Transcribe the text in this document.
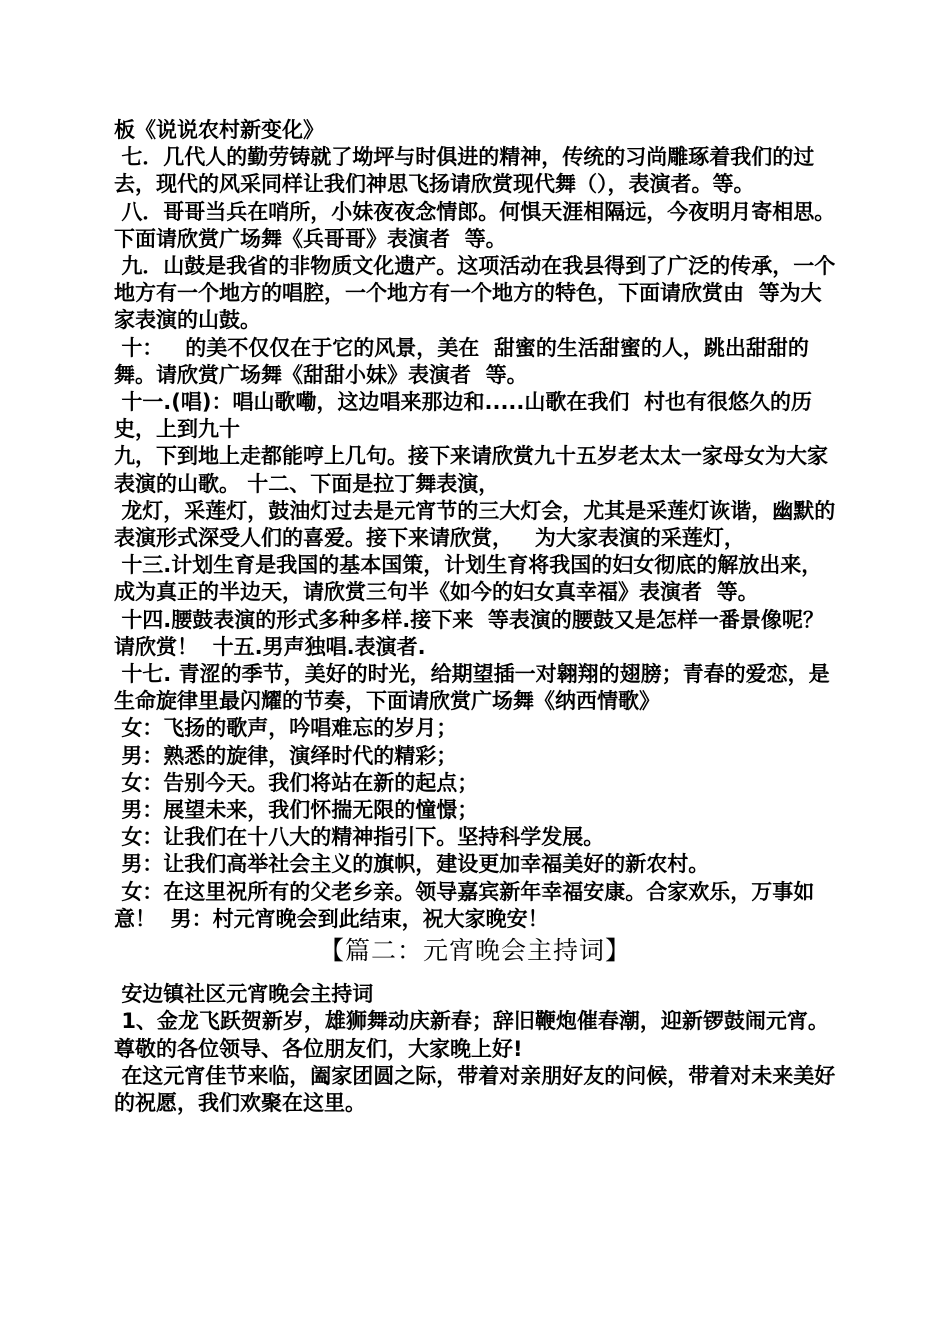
板《说说农村新变化》

七．几代人的勤劳铸就了坳坪与时俱进的精神，传统的习尚雕琢着我们的过去，现代的风采同样让我们神思飞扬请欣赏现代舞（），表演者。等。

八．哥哥当兵在哨所，小妹夜夜念情郎。何惧天涯相隔远，今夜明月寄相思。下面请欣赏广场舞《兵哥哥》表演者  等。

九．山鼓是我省的非物质文化遗产。这项活动在我县得到了广泛的传承，一个地方有一个地方的唱腔，一个地方有一个地方的特色，下面请欣赏由  等为大家表演的山鼓。

十：   的美不仅仅在于它的风景，美在  甜蜜的生活甜蜜的人，跳出甜甜的舞。请欣赏广场舞《甜甜小妹》表演者  等。

十一.(唱)：唱山歌嘞，这边唱来那边和.....山歌在我们  村也有很悠久的历史，上到九十

九，下到地上走都能哼上几句。接下来请欣赏九十五岁老太太一家母女为大家表演的山歌。 十二、下面是拉丁舞表演，

龙灯，采莲灯，鼓油灯过去是元宵节的三大灯会，尤其是采莲灯诙谐，幽默的表演形式深受人们的喜爱。接下来请欣赏，   为大家表演的采莲灯，

十三.计划生育是我国的基本国策，计划生育将我国的妇女彻底的解放出来，成为真正的半边天，请欣赏三句半《如今的妇女真幸福》表演者  等。

十四.腰鼓表演的形式多种多样.接下来  等表演的腰鼓又是怎样一番景像呢？请欣赏！  十五.男声独唱.表演者.

十七. 青涩的季节，美好的时光，给期望插一对翱翔的翅膀；青春的爱恋，是生命旋律里最闪耀的节奏，下面请欣赏广场舞《纳西情歌》

女：飞扬的歌声，吟唱难忘的岁月；

男：熟悉的旋律，演绎时代的精彩；

女：告别今天。我们将站在新的起点；

男：展望未来，我们怀揣无限的憧憬；

女：让我们在十八大的精神指引下。坚持科学发展。

男：让我们高举社会主义的旗帜，建设更加幸福美好的新农村。

女：在这里祝所有的父老乡亲。领导嘉宾新年幸福安康。合家欢乐，万事如意！  男：村元宵晚会到此结束，祝大家晚安！

【篇二：元宵晚会主持词】

安边镇社区元宵晚会主持词

1、金龙飞跃贺新岁，雄狮舞动庆新春；辞旧鞭炮催春潮，迎新锣鼓闹元宵。尊敬的各位领导、各位朋友们，大家晚上好!

在这元宵佳节来临，阖家团圆之际，带着对亲朋好友的问候，带着对未来美好的祝愿，我们欢聚在这里。
